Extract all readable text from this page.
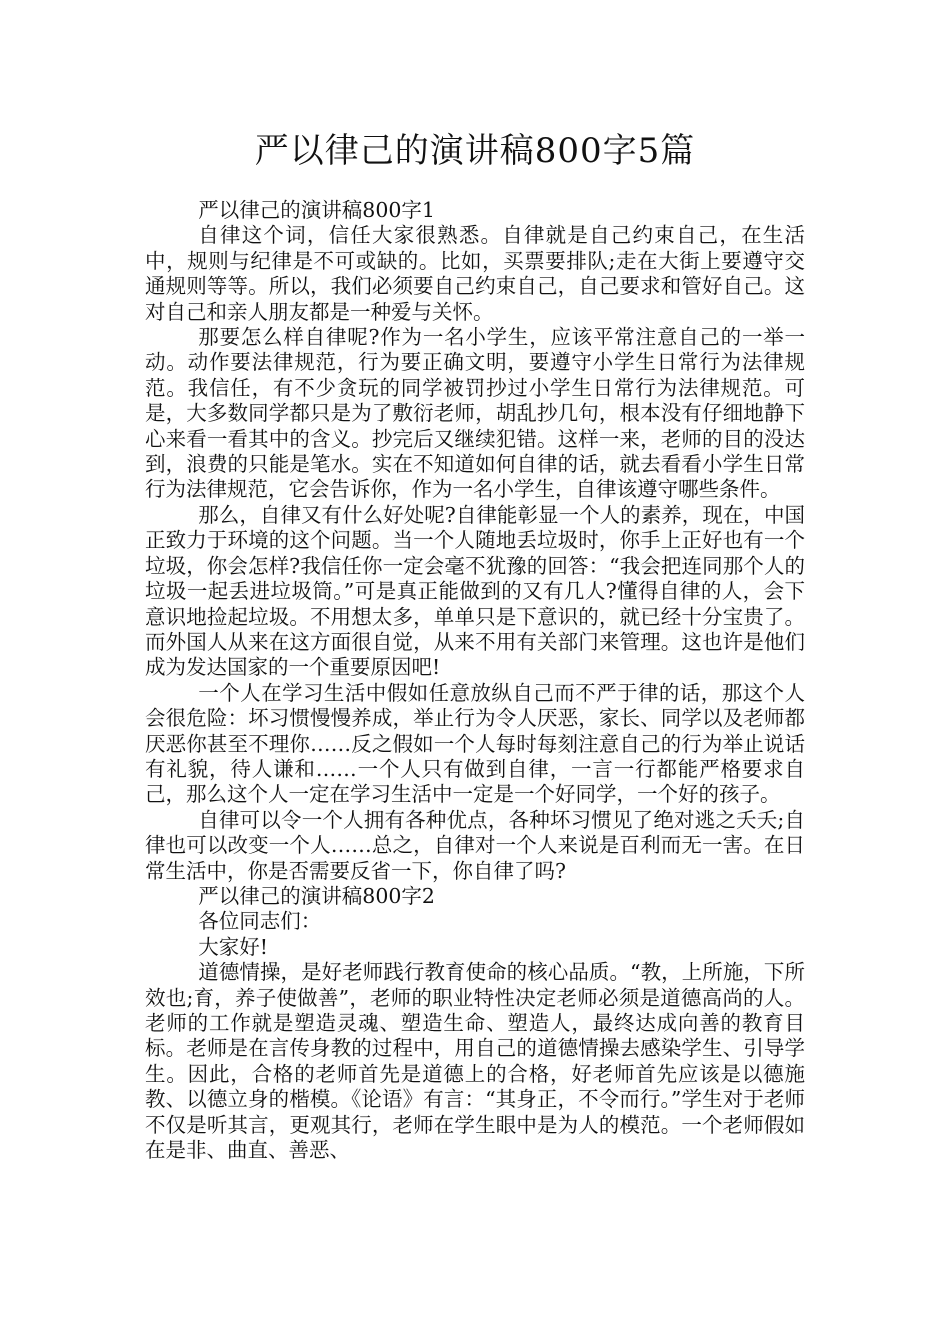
严以律己的演讲稿800字5篇

严以律己的演讲稿800字1

自律这个词，信任大家很熟悉。自律就是自己约束自己，在生活中，规则与纪律是不可或缺的。比如，买票要排队;走在大街上要遵守交通规则等等。所以，我们必须要自己约束自己，自己要求和管好自己。这对自己和亲人朋友都是一种爱与关怀。

那要怎么样自律呢?作为一名小学生，应该平常注意自己的一举一动。动作要法律规范，行为要正确文明，要遵守小学生日常行为法律规范。我信任，有不少贪玩的同学被罚抄过小学生日常行为法律规范。可是，大多数同学都只是为了敷衍老师，胡乱抄几句，根本没有仔细地静下心来看一看其中的含义。抄完后又继续犯错。这样一来，老师的目的没达到，浪费的只能是笔水。实在不知道如何自律的话，就去看看小学生日常行为法律规范，它会告诉你，作为一名小学生，自律该遵守哪些条件。

那么，自律又有什么好处呢?自律能彰显一个人的素养，现在，中国正致力于环境的这个问题。当一个人随地丢垃圾时，你手上正好也有一个垃圾，你会怎样?我信任你一定会毫不犹豫的回答：“我会把连同那个人的垃圾一起丢进垃圾筒。”可是真正能做到的又有几人?懂得自律的人，会下意识地捡起垃圾。不用想太多，单单只是下意识的，就已经十分宝贵了。而外国人从来在这方面很自觉，从来不用有关部门来管理。这也许是他们成为发达国家的一个重要原因吧!

一个人在学习生活中假如任意放纵自己而不严于律的话，那这个人会很危险：坏习惯慢慢养成，举止行为令人厌恶，家长、同学以及老师都厌恶你甚至不理你……反之假如一个人每时每刻注意自己的行为举止说话有礼貌，待人谦和……一个人只有做到自律，一言一行都能严格要求自己，那么这个人一定在学习生活中一定是一个好同学，一个好的孩子。

自律可以令一个人拥有各种优点，各种坏习惯见了绝对逃之夭夭;自律也可以改变一个人……总之，自律对一个人来说是百利而无一害。在日常生活中，你是否需要反省一下，你自律了吗?

严以律己的演讲稿800字2

各位同志们：

大家好!

道德情操，是好老师践行教育使命的核心品质。“教，上所施，下所效也;育，养子使做善”，老师的职业特性决定老师必须是道德高尚的人。老师的工作就是塑造灵魂、塑造生命、塑造人，最终达成向善的教育目标。老师是在言传身教的过程中，用自己的道德情操去感染学生、引导学生。因此，合格的老师首先是道德上的合格，好老师首先应该是以德施教、以德立身的楷模。《论语》有言：“其身正，不令而行。”学生对于老师不仅是听其言，更观其行，老师在学生眼中是为人的模范。一个老师假如在是非、曲直、善恶、
